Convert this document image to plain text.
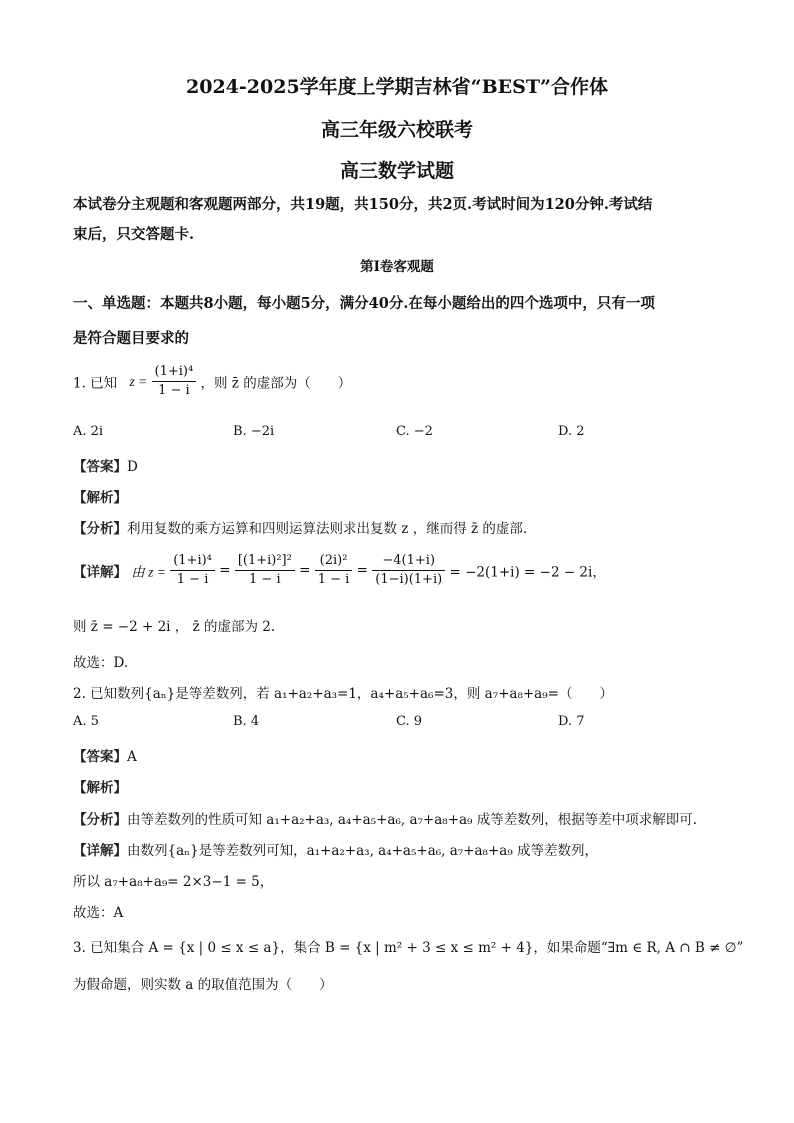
2024-2025学年度上学期吉林省“BEST”合作体
高三年级六校联考
高三数学试题
本试卷分主观题和客观题两部分，共19题，共150分，共2页.考试时间为120分钟.考试结
束后，只交答题卡.
第I卷客观题
一、单选题：本题共8小题，每小题5分，满分40分.在每小题给出的四个选项中，只有一项
是符合题目要求的
1. 已知 $z = \frac{\text{(1+i)⁴}}{1 - i}$ ，则 z̄ 的虚部为（　　）
A. 2i	B. −2i	C. −2	D. 2
【答案】D
【解析】
【分析】利用复数的乘方运算和四则运算法则求出复数 z ，继而得 z̄ 的虚部.
【详解】 由 $z = \frac{\text{(1+i)⁴}}{1 - i} = \frac{\text{[(1+i)²]²}}{1 - i} = \frac{\text{(2i)²}}{1 - i} = \frac{-4(1+i)}{(1-i)(1+i)} = -2(1+i) = -2 - 2i$，
则 z̄ = −2 + 2i ， z̄ 的虚部为 2.
故选：D.
2. 已知数列{aₙ}是等差数列，若 a₁+a₂+a₃=1，a₄+a₅+a₆=3，则 a₇+a₈+a₉=（　　）
A. 5	B. 4	C. 9	D. 7
【答案】A
【解析】
【分析】由等差数列的性质可知 a₁+a₂+a₃, a₄+a₅+a₆, a₇+a₈+a₉ 成等差数列，根据等差中项求解即可.
【详解】由数列{aₙ}是等差数列可知，a₁+a₂+a₃, a₄+a₅+a₆, a₇+a₈+a₉ 成等差数列，
所以 a₇+a₈+a₉= 2×3−1 = 5，
故选：A
3. 已知集合 A = {x | 0 ≤ x ≤ a}，集合 B = {x | m² + 3 ≤ x ≤ m² + 4}，如果命题“∃m ∈ R, A ∩ B ≠ ∅”
为假命题，则实数 a 的取值范围为（　　）
